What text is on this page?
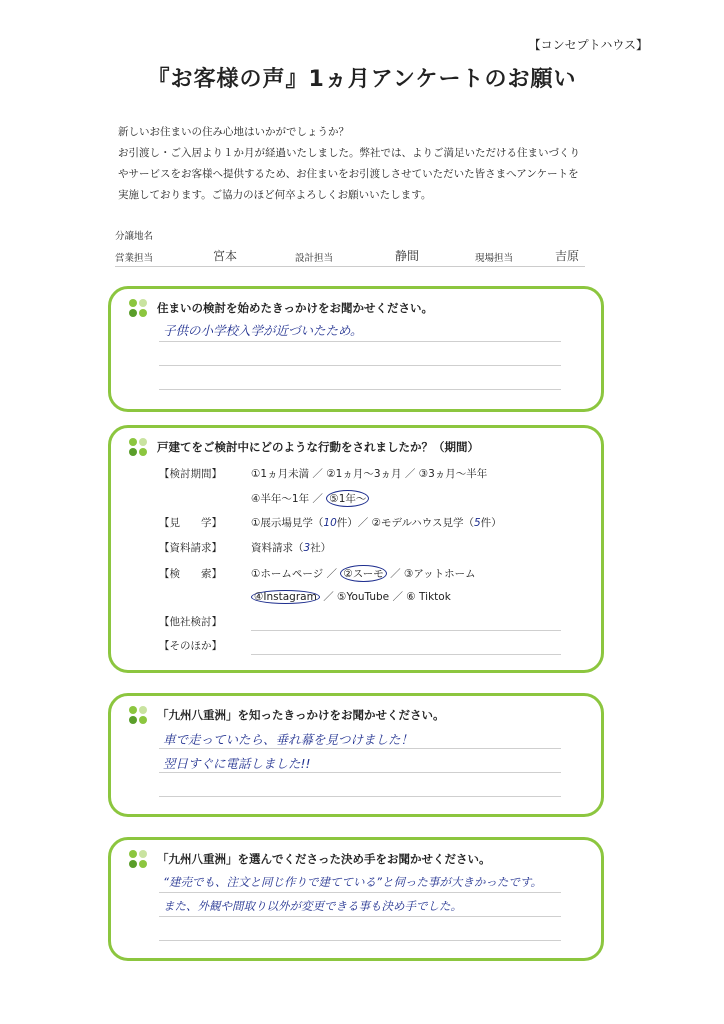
【コンセプトハウス】
『お客様の声』1ヵ月アンケートのお願い

新しいお住まいの住み心地はいかがでしょうか？

お引渡し・ご入居より１か月が経過いたしました。弊社では、よりご満足いただける住まいづくりやサービスをお客様へ提供するため、お住まいをお引渡しさせていただいた皆さまへアンケートを実施しております。ご協力のほど何卒よろしくお願いいたします。

分譲地名
営業担当	宮本	設計担当	静間	現場担当	吉原
住まいの検討を始めたきっかけをお聞かせください。
子供の小学校入学が近づいたため。
戸建てをご検討中にどのような行動をされましたか？（期間）
【検討期間】	①1ヵ月未満 ／ ②1ヵ月〜3ヵ月 ／ ③3ヵ月〜半年
④半年〜1年 ／ ⑤1年〜
【見　　学】	①展示場見学（10件）／ ②モデルハウス見学（5件）
【資料請求】	資料請求（3社）
【検　　索】	①ホームページ ／ ②スーモ ／ ③アットホーム
④Instagram ／ ⑤YouTube ／ ⑥ Tiktok
【他社検討】
【そのほか】
「九州八重洲」を知ったきっかけをお聞かせください。
車で走っていたら、垂れ幕を見つけました！
翌日すぐに電話しました!!
「九州八重洲」を選んでくださった決め手をお聞かせください。
“建売でも、注文と同じ作りで建てている”と伺った事が大きかったです。
また、外観や間取り以外が変更できる事も決め手でした。
